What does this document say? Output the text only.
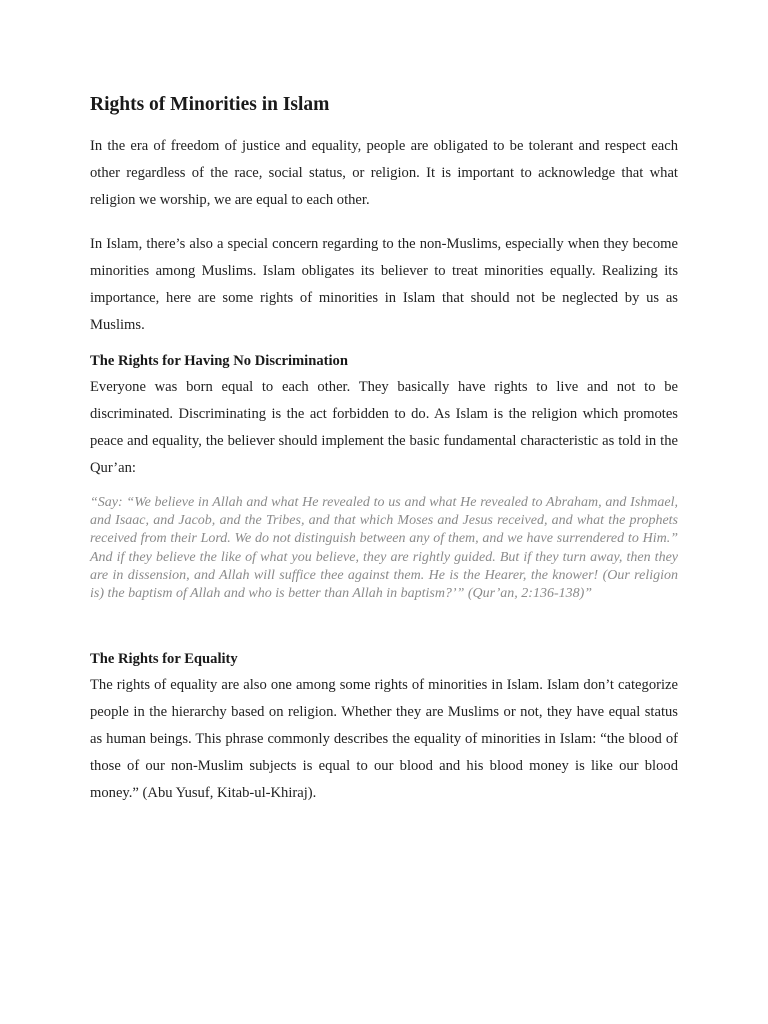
Rights of Minorities in Islam

In the era of freedom of justice and equality, people are obligated to be tolerant and respect each other regardless of the race, social status, or religion. It is important to acknowledge that what religion we worship, we are equal to each other.

In Islam, there’s also a special concern regarding to the non-Muslims, especially when they become minorities among Muslims. Islam obligates its believer to treat minorities equally. Realizing its importance, here are some rights of minorities in Islam that should not be neglected by us as Muslims.

The Rights for Having No Discrimination

Everyone was born equal to each other. They basically have rights to live and not to be discriminated. Discriminating is the act forbidden to do. As Islam is the religion which promotes peace and equality, the believer should implement the basic fundamental characteristic as told in the Qur’an:

“Say: “We believe in Allah and what He revealed to us and what He revealed to Abraham, and Ishmael, and Isaac, and Jacob, and the Tribes, and that which Moses and Jesus received, and what the prophets received from their Lord. We do not distinguish between any of them, and we have surrendered to Him.” And if they believe the like of what you believe, they are rightly guided. But if they turn away, then they are in dissension, and Allah will suffice thee against them. He is the Hearer, the knower! (Our religion is) the baptism of Allah and who is better than Allah in baptism?’” (Qur’an, 2:136-138)”
The Rights for Equality

The rights of equality are also one among some rights of minorities in Islam. Islam don’t categorize people in the hierarchy based on religion. Whether they are Muslims or not, they have equal status as human beings. This phrase commonly describes the equality of minorities in Islam: “the blood of those of our non-Muslim subjects is equal to our blood and his blood money is like our blood money.” (Abu Yusuf, Kitab-ul-Khiraj).
